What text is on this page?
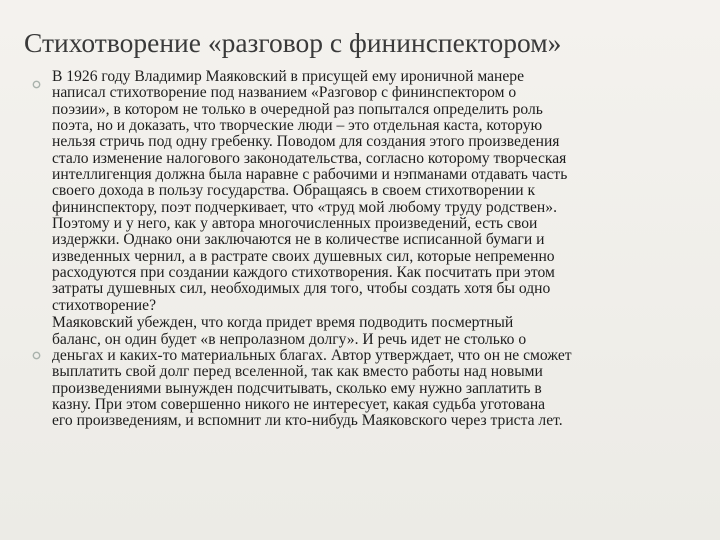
Стихотворение «разговор с фининспектором»
В 1926 году Владимир Маяковский в присущей ему ироничной манере
написал стихотворение под названием «Разговор с фининспектором о
поэзии», в котором не только в очередной раз попытался определить роль
поэта, но и доказать, что творческие люди – это отдельная каста, которую
нельзя стричь под одну гребенку. Поводом для создания этого произведения
стало изменение налогового законодательства, согласно которому творческая
интеллигенция должна была наравне с рабочими и нэпманами отдавать часть
своего дохода в пользу государства. Обращаясь в своем стихотворении к
фининспектору, поэт подчеркивает, что «труд мой любому труду родствен».
Поэтому и у него, как у автора многочисленных произведений, есть свои
издержки. Однако они заключаются не в количестве исписанной бумаги и
изведенных чернил, а в растрате своих душевных сил, которые непременно
расходуются при создании каждого стихотворения. Как посчитать при этом
затраты душевных сил, необходимых для того, чтобы создать хотя бы одно
стихотворение?
Маяковский убежден, что когда придет время подводить посмертный
баланс, он один будет «в непролазном долгу». И речь идет не столько о
деньгах и каких-то материальных благах. Автор утверждает, что он не сможет
выплатить свой долг перед вселенной, так как вместо работы над новыми
произведениями вынужден подсчитывать, сколько ему нужно заплатить в
казну. При этом совершенно никого не интересует, какая судьба уготована
его произведениям, и вспомнит ли кто-нибудь Маяковского через триста лет.
